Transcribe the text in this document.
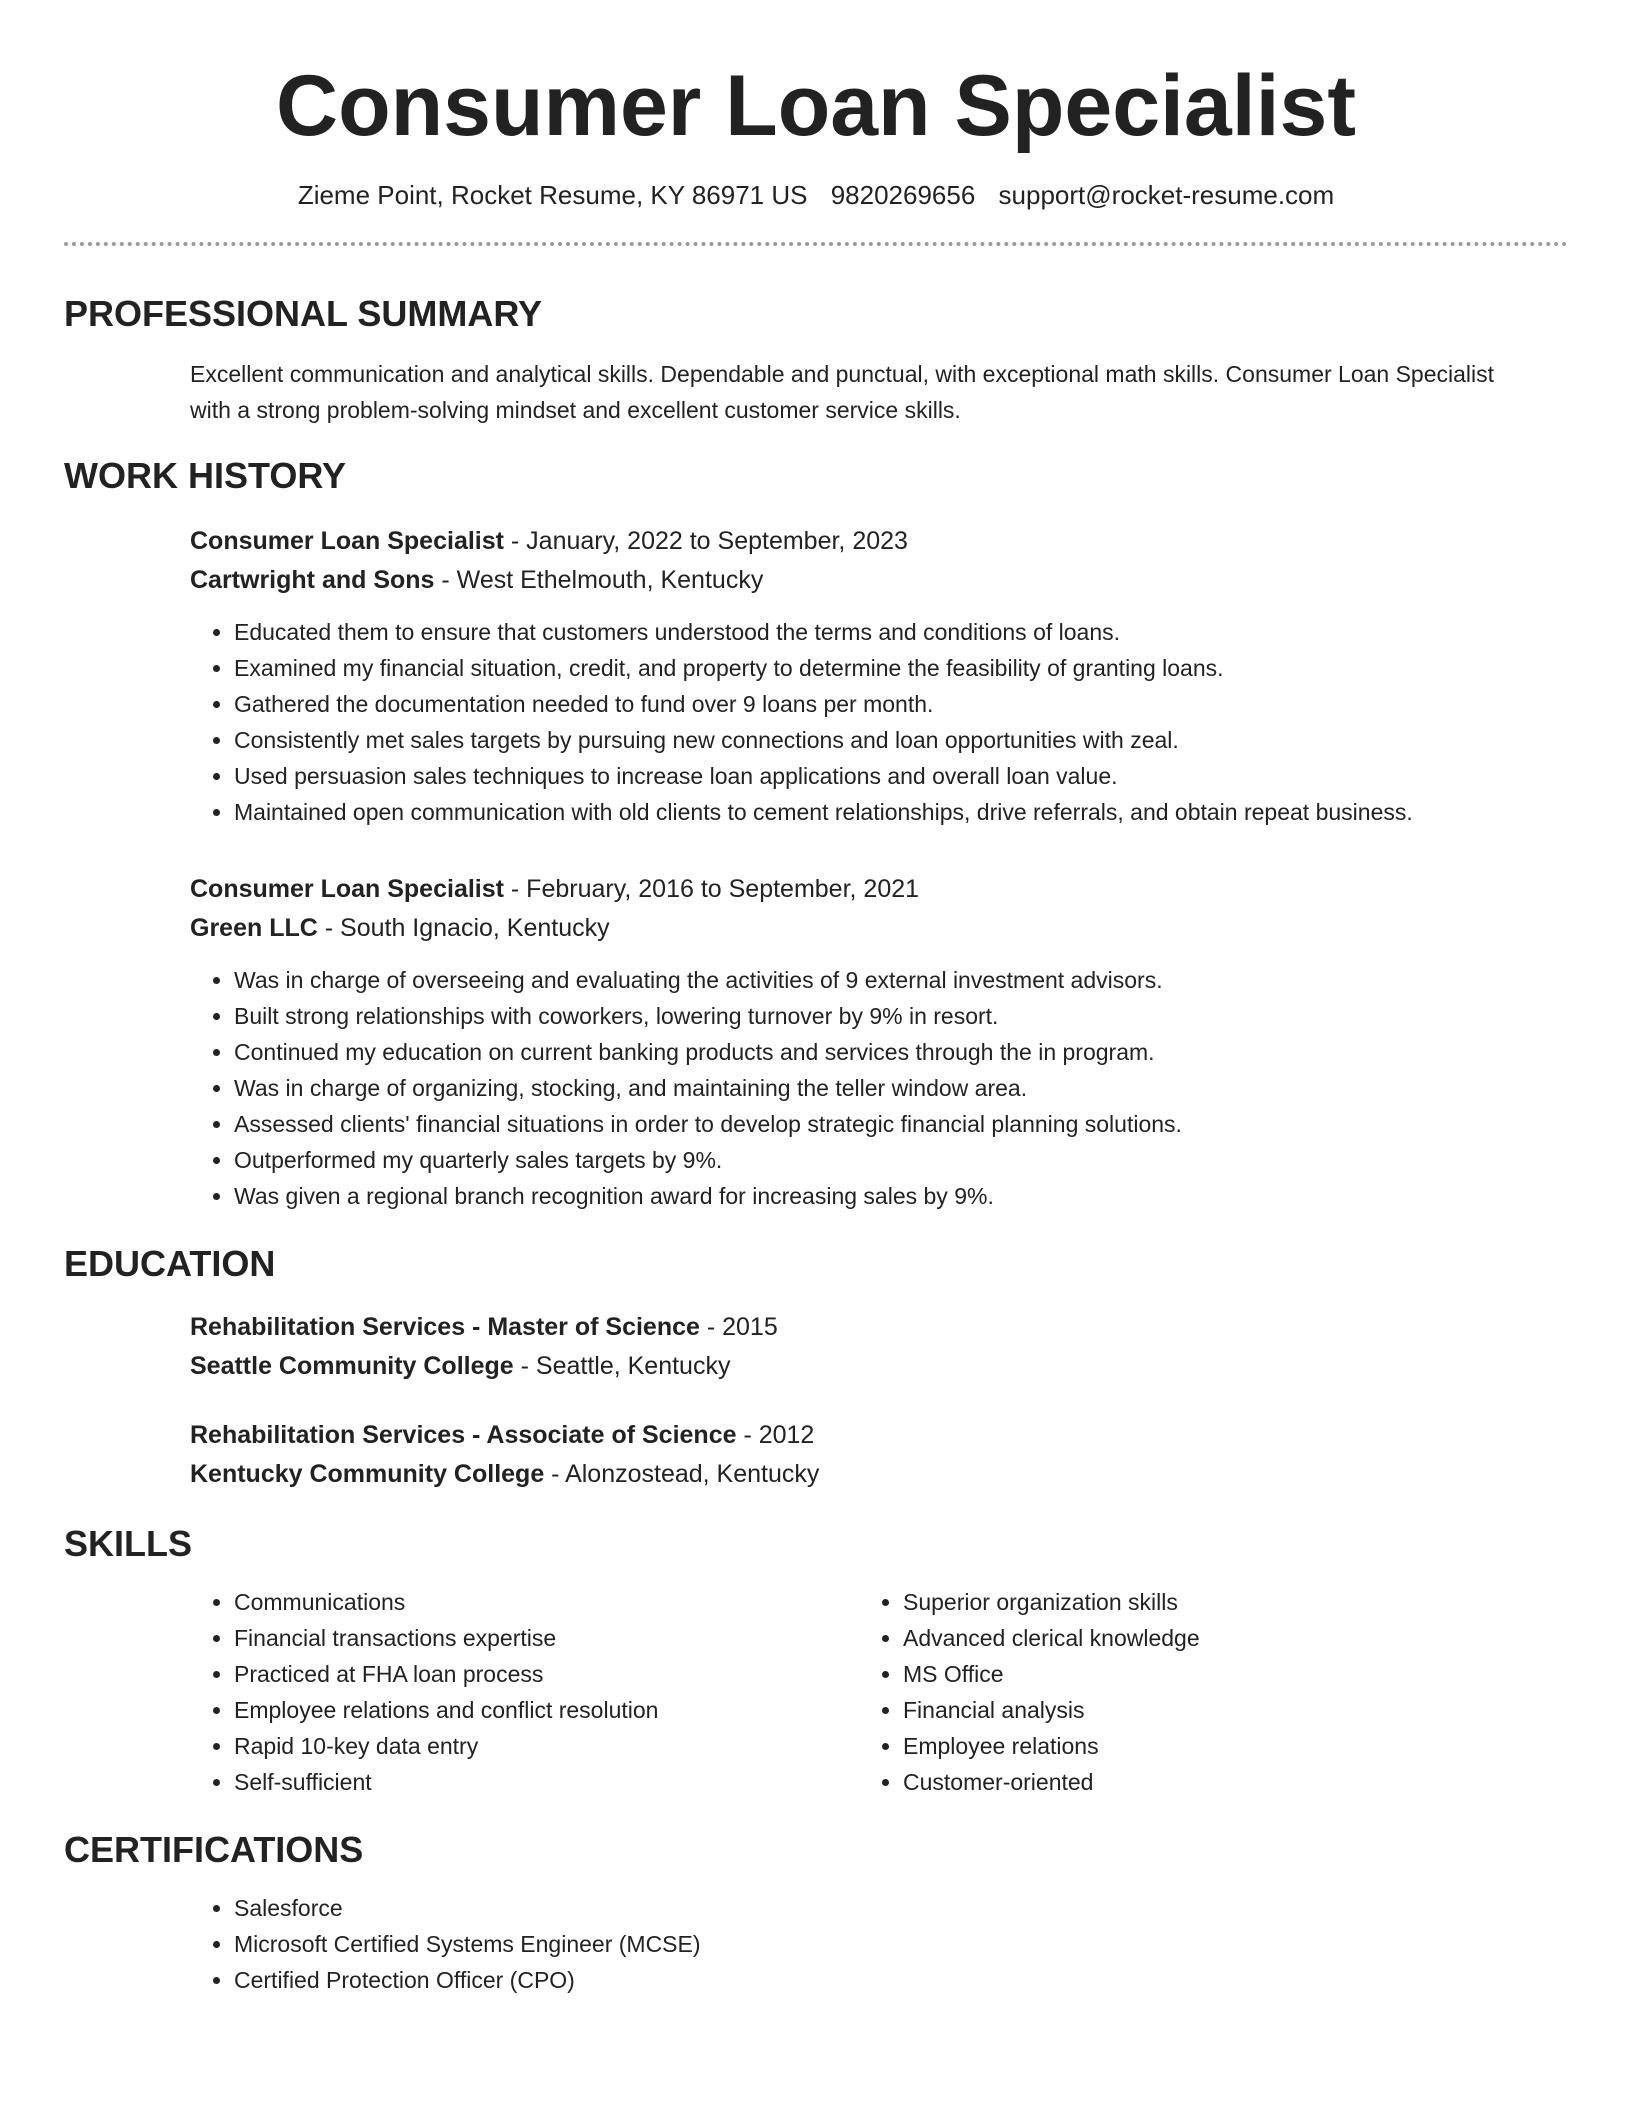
Consumer Loan Specialist
Zieme Point, Rocket Resume, KY 86971 US 9820269656 support@rocket-resume.com
PROFESSIONAL SUMMARY
Excellent communication and analytical skills. Dependable and punctual, with exceptional math skills. Consumer Loan Specialist with a strong problem-solving mindset and excellent customer service skills.
WORK HISTORY
Consumer Loan Specialist - January, 2022 to September, 2023
Cartwright and Sons - West Ethelmouth, Kentucky
• Educated them to ensure that customers understood the terms and conditions of loans.
• Examined my financial situation, credit, and property to determine the feasibility of granting loans.
• Gathered the documentation needed to fund over 9 loans per month.
• Consistently met sales targets by pursuing new connections and loan opportunities with zeal.
• Used persuasion sales techniques to increase loan applications and overall loan value.
• Maintained open communication with old clients to cement relationships, drive referrals, and obtain repeat business.
Consumer Loan Specialist - February, 2016 to September, 2021
Green LLC - South Ignacio, Kentucky
• Was in charge of overseeing and evaluating the activities of 9 external investment advisors.
• Built strong relationships with coworkers, lowering turnover by 9% in resort.
• Continued my education on current banking products and services through the in program.
• Was in charge of organizing, stocking, and maintaining the teller window area.
• Assessed clients' financial situations in order to develop strategic financial planning solutions.
• Outperformed my quarterly sales targets by 9%.
• Was given a regional branch recognition award for increasing sales by 9%.
EDUCATION
Rehabilitation Services - Master of Science - 2015
Seattle Community College - Seattle, Kentucky
Rehabilitation Services - Associate of Science - 2012
Kentucky Community College - Alonzostead, Kentucky
SKILLS
• Communications
• Financial transactions expertise
• Practiced at FHA loan process
• Employee relations and conflict resolution
• Rapid 10-key data entry
• Self-sufficient
• Superior organization skills
• Advanced clerical knowledge
• MS Office
• Financial analysis
• Employee relations
• Customer-oriented
CERTIFICATIONS
• Salesforce
• Microsoft Certified Systems Engineer (MCSE)
• Certified Protection Officer (CPO)
